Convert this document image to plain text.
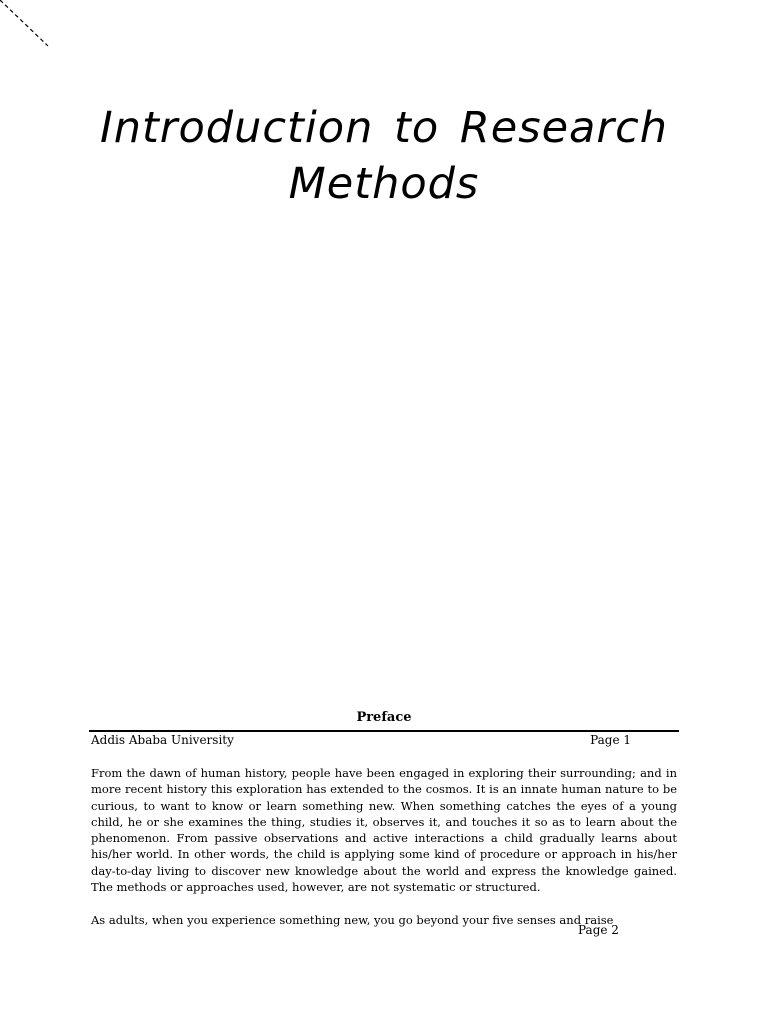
Introduction to Research
Methods
Preface
Addis Ababa University	Page 1

From the dawn of human history, people have been engaged in exploring their surrounding; and in more recent history this exploration has extended to the cosmos. It is an innate human nature to be curious, to want to know or learn something new. When something catches the eyes of a young child, he or she examines the thing, studies it, observes it, and touches it so as to learn about the phenomenon. From passive observations and active interactions a child gradually learns about his/her world. In other words, the child is applying some kind of procedure or approach in his/her day-to-day living to discover new knowledge about the world and express the knowledge gained. The methods or approaches used, however, are not systematic or structured.

As adults, when you experience something new, you go beyond your five senses and raise

Page 2
